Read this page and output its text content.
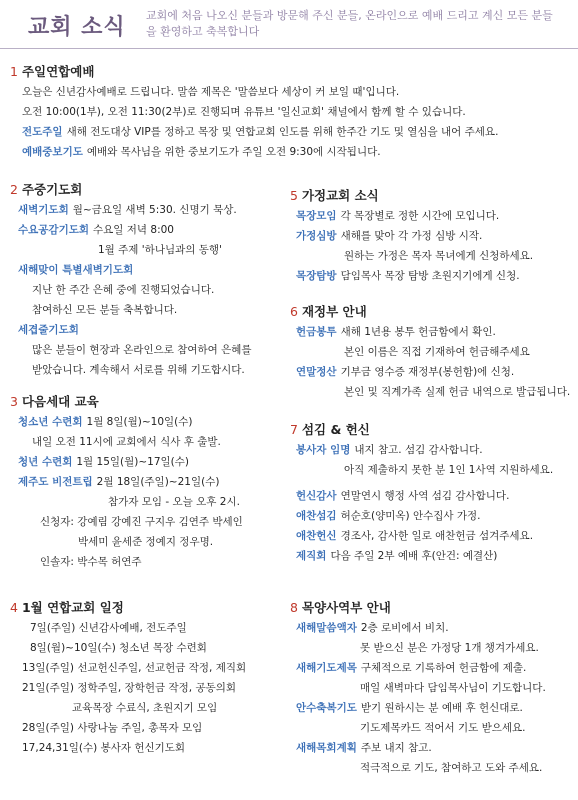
교회 소식 교회에 처음 나오신 분들과 방문해 주신 분들, 온라인으로 예배 드리고 계신 모든 분들을 환영하고 축복합니다
1 주일연합예배
오늘은 신년감사예배로 드립니다. 말씀 제목은 '말씀보다 세상이 커 보일 때'입니다.
오전 10:00(1부), 오전 11:30(2부)로 진행되며 유튜브 '일신교회' 채널에서 함께 할 수 있습니다.
전도주일 새해 전도대상 VIP를 정하고 목장 및 연합교회 인도를 위해 한주간 기도 및 열심을 내어 주세요.
예배중보기도 예배와 목사님을 위한 중보기도가 주일 오전 9:30에 시작됩니다.
2 주중기도회
새벽기도회 월~금요일 새벽 5:30. 신명기 묵상.
수요공감기도회 수요일 저녁 8:00
1월 주제 '하나님과의 동행'
새해맞이 특별새벽기도회
지난 한 주간 은혜 중에 진행되었습니다.
참여하신 모든 분들 축복합니다.
세겹줄기도회
많은 분들이 현장과 온라인으로 참여하여 은혜를
받았습니다. 계속해서 서로를 위해 기도합시다.
3 다음세대 교육
청소년 수련회 1월 8일(월)~10일(수)
내일 오전 11시에 교회에서 식사 후 출발.
청년 수련회 1월 15일(월)~17일(수)
제주도 비전트립 2월 18일(주일)~21일(수)
참가자 모임 - 오늘 오후 2시.
신청자: 강예림 강예진 구지우 김연주 박세인
박세미 윤세준 정예지 정우명.
인솔자: 박수목 허연주
4 1월 연합교회 일정
7일(주일) 신년감사예배, 전도주일
8일(월)~10일(수) 청소년 목장 수련회
13일(주일) 선교헌신주일, 선교헌금 작정, 제직회
21일(주일) 정학주일, 장학헌금 작정, 공동의회
교육목장 수료식, 초원지기 모임
28일(주일) 사랑나눔 주일, 총목자 모임
17,24,31일(수) 봉사자 헌신기도회
5 가정교회 소식
목장모임 각 목장별로 정한 시간에 모입니다.
가정심방 새해를 맞아 각 가정 심방 시작.
원하는 가정은 목자 목녀에게 신청하세요.
목장탐방 담임목사 목장 탐방 초원지기에게 신청.
6 재정부 안내
헌금봉투 새해 1년용 봉투 헌금함에서 확인.
본인 이름은 직접 기재하여 헌금해주세요
연말정산 기부금 영수증 재정부(봉헌함)에 신청.
본인 및 직계가족 실제 헌금 내역으로 발급됩니다.
7 섬김 & 헌신
봉사자 임명 내지 참고. 섬김 감사합니다.
아직 제출하지 못한 분 1인 1사역 지원하세요.
헌신감사 연말연시 행정 사역 섬김 감사합니다.
애찬섬김 허순호(양미옥) 안수집사 가정.
애찬헌신 경조사, 감사한 일로 애찬헌금 섬겨주세요.
제직회 다음 주일 2부 예배 후(안건: 예결산)
8 목양사역부 안내
새해말씀액자 2층 로비에서 비치.
못 받으신 분은 가정당 1개 챙겨가세요.
새해기도제목 구체적으로 기록하여 헌금함에 제출.
매일 새벽마다 담임목사님이 기도합니다.
안수축복기도 받기 원하시는 분 예배 후 헌신대로.
기도제목카드 적어서 기도 받으세요.
새해목회계획 주보 내지 참고.
적극적으로 기도, 참여하고 도와 주세요.
